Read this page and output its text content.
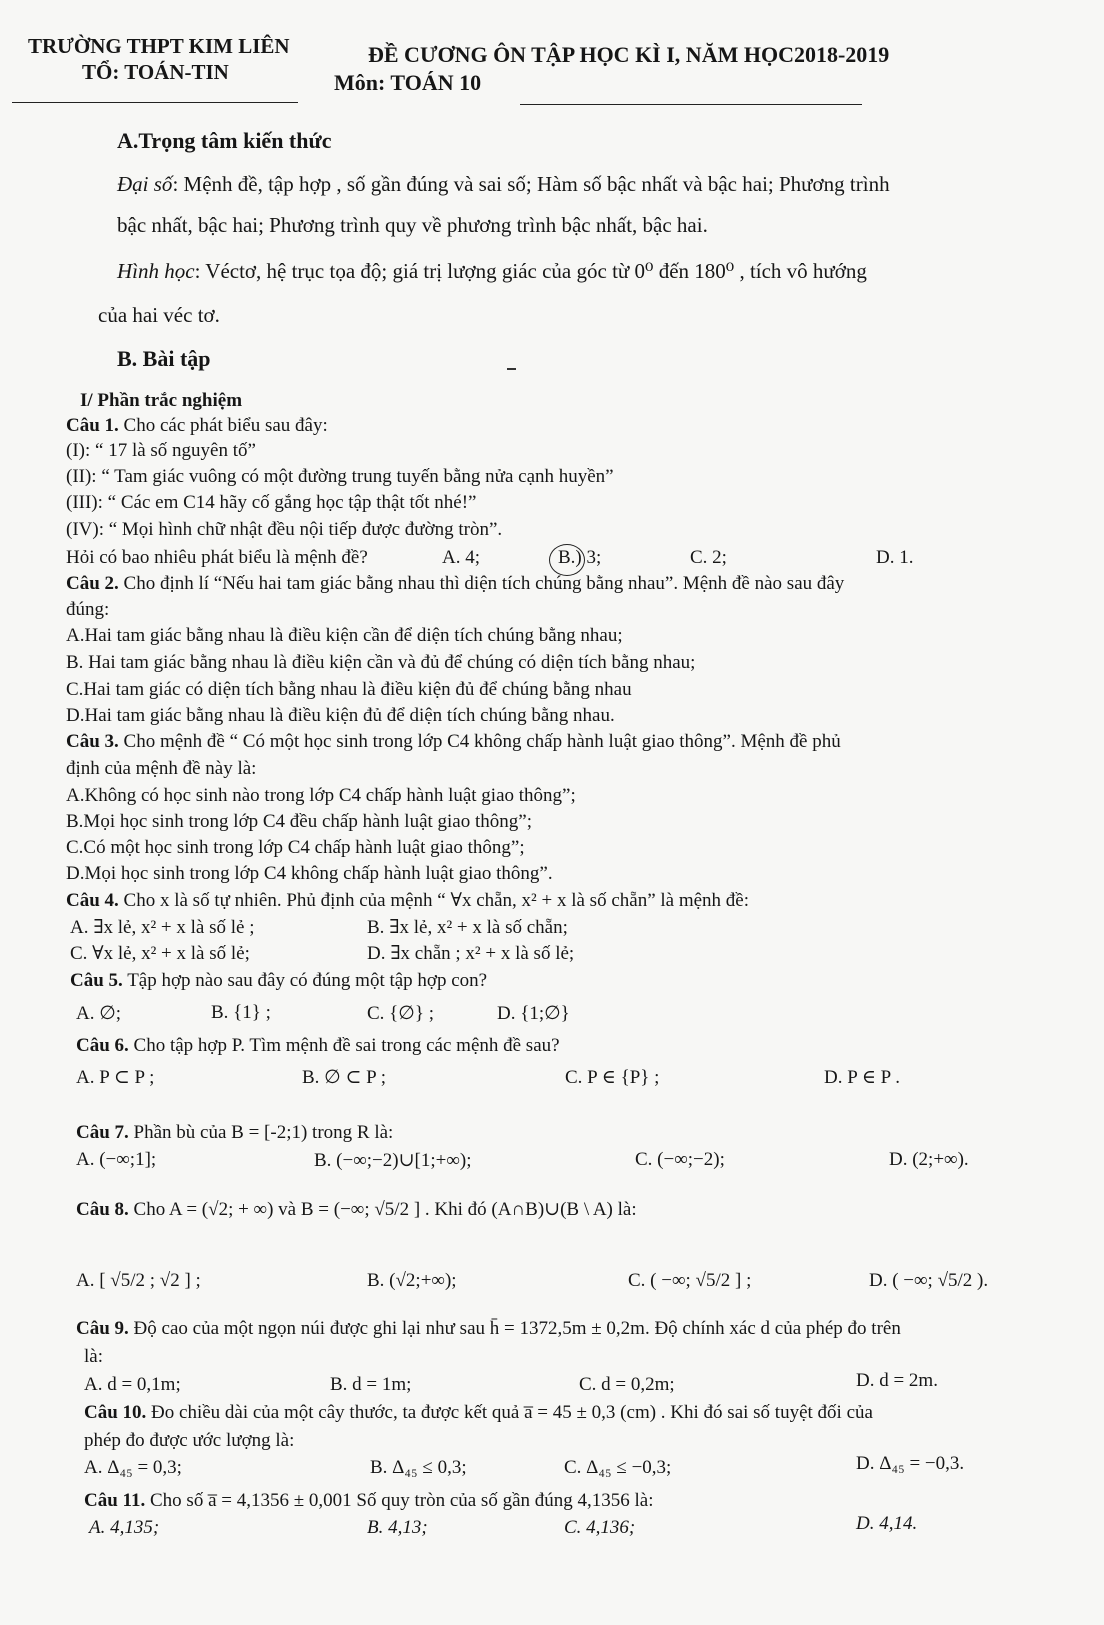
TRƯỜNG THPT KIM LIÊN
TỔ: TOÁN-TIN
ĐỀ CƯƠNG ÔN TẬP HỌC KÌ I, NĂM HỌC2018-2019
Môn: TOÁN 10
A.Trọng tâm kiến thức
Đại số: Mệnh đề, tập hợp , số gần đúng và sai số; Hàm số bậc nhất và bậc hai; Phương trình
bậc nhất, bậc hai; Phương trình quy về phương trình bậc nhất, bậc hai.
Hình học: Véctơ, hệ trục tọa độ; giá trị lượng giác của góc từ 0⁰ đến 180⁰ , tích vô hướng
của hai véc tơ.
B. Bài tập
I/ Phần trắc nghiệm
Câu 1. Cho các phát biểu sau đây:
(I): “ 17 là số nguyên tố”
(II): “ Tam giác vuông có một đường trung tuyến bằng nửa cạnh huyền”
(III): “ Các em C14 hãy cố gắng học tập thật tốt nhé!”
(IV): “ Mọi hình chữ nhật đều nội tiếp được đường tròn”.
Hỏi có bao nhiêu phát biểu là mệnh đề?	A. 4;	B.) 3;	C. 2;	D. 1.
Câu 2. Cho định lí “Nếu hai tam giác bằng nhau thì diện tích chúng bằng nhau”. Mệnh đề nào sau đây
đúng:
A.Hai tam giác bằng nhau là điều kiện cần để diện tích chúng bằng nhau;
B. Hai tam giác bằng nhau là điều kiện cần và đủ để chúng có diện tích bằng nhau;
C.Hai tam giác có diện tích bằng nhau là điều kiện đủ để chúng bằng nhau
D.Hai tam giác bằng nhau là điều kiện đủ để diện tích chúng bằng nhau.
Câu 3. Cho mệnh đề “ Có một học sinh trong lớp C4 không chấp hành luật giao thông”. Mệnh đề phủ
định của mệnh đề này là:
A.Không có học sinh nào trong lớp C4 chấp hành luật giao thông”;
B.Mọi học sinh trong lớp C4 đều chấp hành luật giao thông”;
C.Có một học sinh trong lớp C4 chấp hành luật giao thông”;
D.Mọi học sinh trong lớp C4 không chấp hành luật giao thông”.
Câu 4. Cho x là số tự nhiên. Phủ định của mệnh “ ∀x chẵn, x² + x là số chẵn” là mệnh đề:
A. ∃x lẻ, x² + x là số lẻ ;	B. ∃x lẻ, x² + x là số chẵn;
C. ∀x lẻ, x² + x là số lẻ;	D. ∃x chẵn ; x² + x là số lẻ;
Câu 5. Tập hợp nào sau đây có đúng một tập hợp con?
A. ∅;	B. {1} ;	C. {∅} ;	D. {1;∅}
Câu 6. Cho tập hợp P. Tìm mệnh đề sai trong các mệnh đề sau?
A. P ⊂ P ;	B. ∅ ⊂ P ;	C. P ∈ {P} ;	D. P ∈ P .
Câu 7. Phần bù của B = [-2;1) trong R là:
A. (−∞;1];	B. (−∞;−2)∪[1;+∞);	C. (−∞;−2);	D. (2;+∞).
Câu 8. Cho A = (√2; + ∞) và B = (−∞; √5/2 ] . Khi đó (A∩B)∪(B \ A) là:
A. [ √5/2 ; √2 ] ;	B. (√2;+∞);	C. ( −∞; √5/2 ] ;	D. ( −∞; √5/2 ).
Câu 9. Độ cao của một ngọn núi được ghi lại như sau h̄ = 1372,5m ± 0,2m. Độ chính xác d của phép đo trên
là:
A. d = 0,1m;	B. d = 1m;	C. d = 0,2m;	D. d = 2m.
Câu 10. Đo chiều dài của một cây thước, ta được kết quả a̅ = 45 ± 0,3 (cm) . Khi đó sai số tuyệt đối của
phép đo được ước lượng là:
A. Δ₄₅ = 0,3;	B. Δ₄₅ ≤ 0,3;	C. Δ₄₅ ≤ −0,3;	D. Δ₄₅ = −0,3.
Câu 11. Cho số a̅ = 4,1356 ± 0,001 Số quy tròn của số gần đúng 4,1356 là:
A. 4,135;	B. 4,13;	C. 4,136;	D. 4,14.
